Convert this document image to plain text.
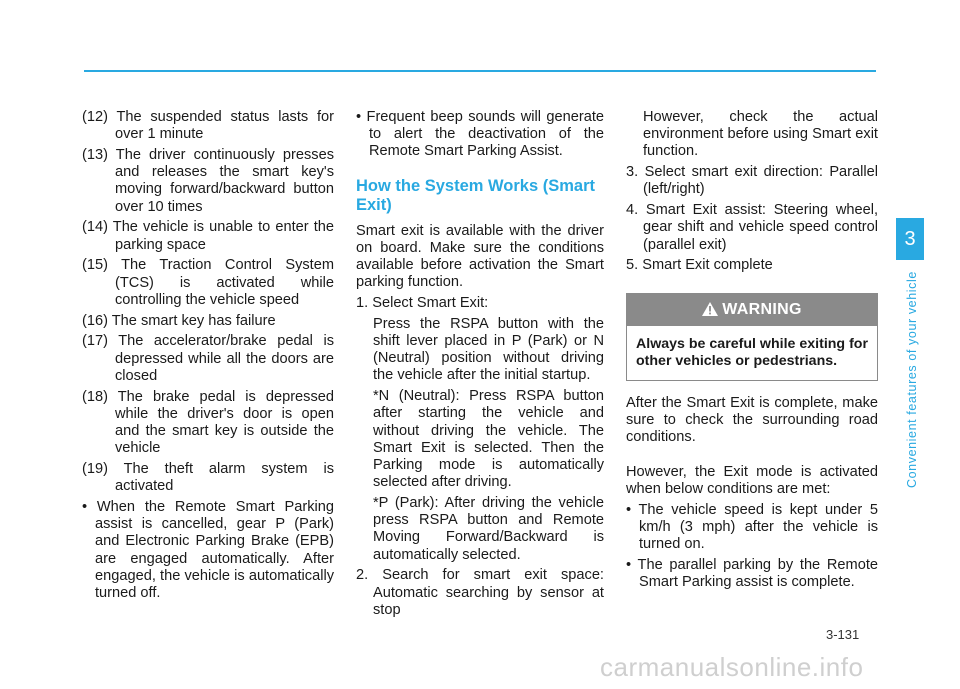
(12) The suspended status lasts for over 1 minute
(13) The driver continuously presses and releases the smart key's moving forward/backward button over 10 times
(14) The vehicle is unable to enter the parking space
(15) The Traction Control System (TCS) is activated while controlling the vehicle speed
(16) The smart key has failure
(17) The accelerator/brake pedal is depressed while all the doors are closed
(18) The brake pedal is depressed while the driver's door is open and the smart key is outside the vehicle
(19) The theft alarm system is activated
• When the Remote Smart Parking assist is cancelled, gear P (Park) and Electronic Parking Brake (EPB) are engaged automatically. After engaged, the vehicle is automatically turned off.
• Frequent beep sounds will generate to alert the deactivation of the Remote Smart Parking Assist.
How the System Works (Smart Exit)

Smart exit is available with the driver on board. Make sure the conditions available before activation the Smart parking function.

1. Select Smart Exit:
Press the RSPA button with the shift lever placed in P (Park) or N (Neutral) position without driving the vehicle after the initial startup.
*N (Neutral): Press RSPA button after starting the vehicle and without driving the vehicle. The Smart Exit is selected. Then the Parking mode is automatically selected after driving.
*P (Park): After driving the vehicle press RSPA button and Remote Moving Forward/Backward is automatically selected.
2. Search for smart exit space: Automatic searching by sensor at stop
However, check the actual environment before using Smart exit function.
3. Select smart exit direction: Parallel (left/right)
4. Smart Exit assist: Steering wheel, gear shift and vehicle speed control (parallel exit)
5. Smart Exit complete
WARNING
Always be careful while exiting for other vehicles or pedestrians.

After the Smart Exit is complete, make sure to check the surrounding road conditions.

However, the Exit mode is activated when below conditions are met:

• The vehicle speed is kept under 5 km/h (3 mph) after the vehicle is turned on.
• The parallel parking by the Remote Smart Parking assist is complete.
3
Convenient features of your vehicle
3-131
carmanualsonline.info
